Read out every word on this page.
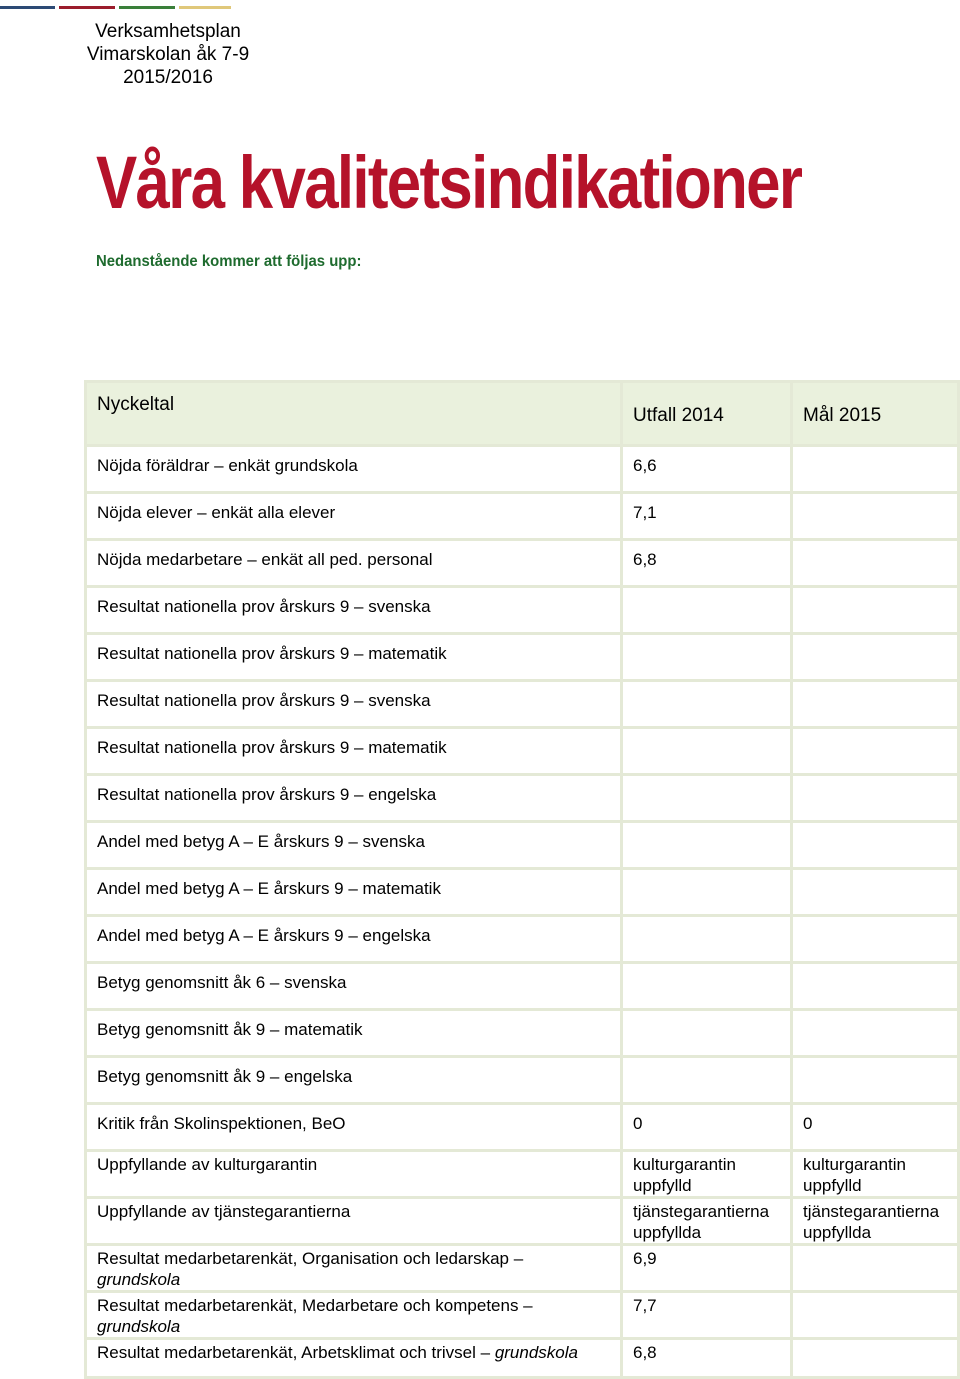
Verksamhetsplan
Vimarskolan åk 7-9
2015/2016
Våra kvalitetsindikationer
Nedanstående kommer att följas upp:
Nyckeltal	Utfall 2014	Mål 2015
Nöjda föräldrar – enkät grundskola	6,6	
Nöjda elever – enkät alla elever	7,1	
Nöjda medarbetare – enkät all ped. personal	6,8	
Resultat nationella prov årskurs 9 – svenska		
Resultat nationella prov årskurs 9 – matematik		
Resultat nationella prov årskurs 9 – svenska		
Resultat nationella prov årskurs 9 – matematik		
Resultat nationella prov årskurs 9 – engelska		
Andel med betyg A – E årskurs 9 – svenska		
Andel med betyg A – E årskurs 9 – matematik		
Andel med betyg A – E årskurs 9 – engelska		
Betyg genomsnitt åk 6 – svenska		
Betyg genomsnitt åk 9 – matematik		
Betyg genomsnitt åk 9 – engelska		
Kritik från Skolinspektionen, BeO	0	0
Uppfyllande av kulturgarantin	kulturgarantin uppfylld	kulturgarantin uppfylld
Uppfyllande av tjänstegarantierna	tjänstegarantierna uppfyllda	tjänstegarantierna uppfyllda
Resultat medarbetarenkät, Organisation och ledarskap –
grundskola	6,9	
Resultat medarbetarenkät, Medarbetare och kompetens –
grundskola	7,7	
Resultat medarbetarenkät, Arbetsklimat och trivsel – grundskola	6,8	
